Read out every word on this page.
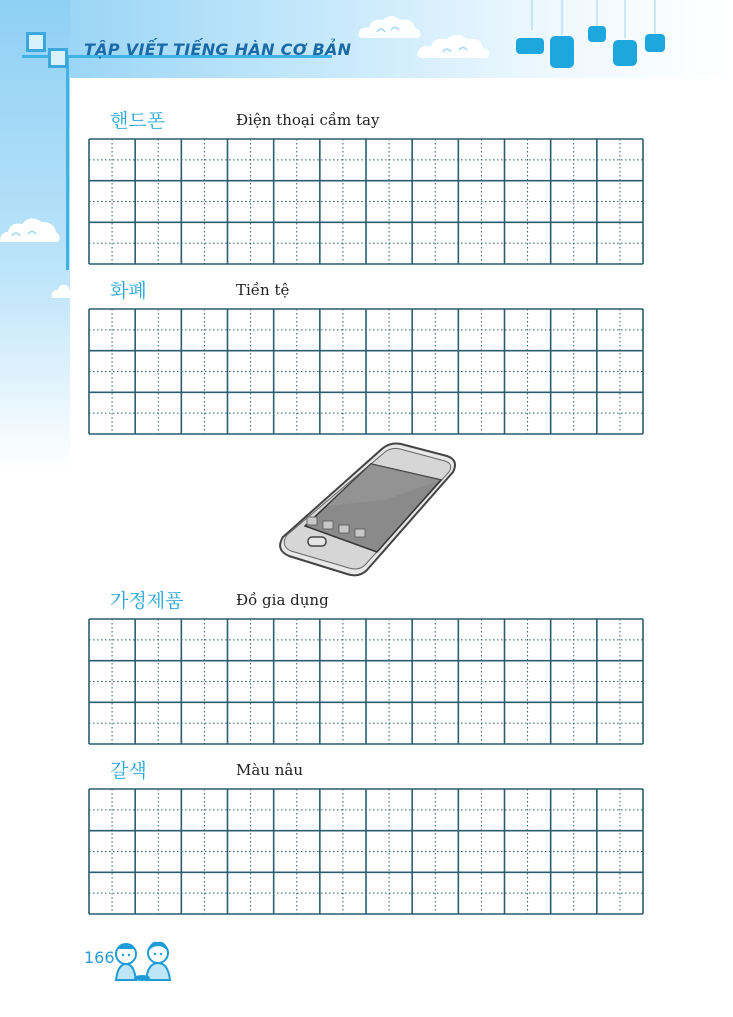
TẬP VIẾT TIẾNG HÀN CƠ BẢN
핸드폰	Điện thoại cầm tay
화폐	Tiền tệ
가정제품	Đồ gia dụng
갈색	Màu nâu
166
